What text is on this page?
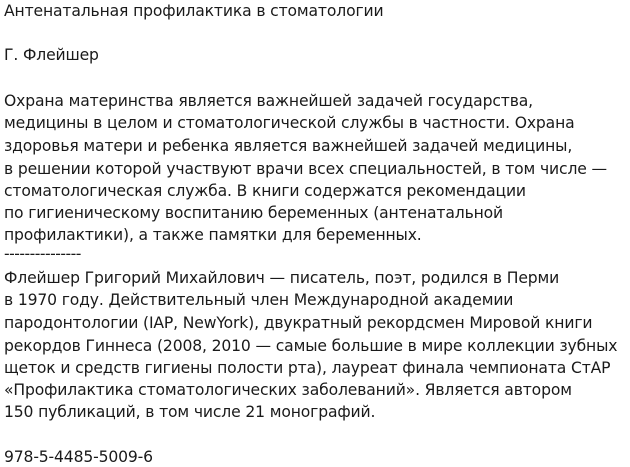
Антенатальная профилактика в стоматологии
Г. Флейшер
Охрана материнства является важнейшей задачей государства,
медицины в целом и стоматологической службы в частности. Охрана
здоровья матери и ребенка является важнейшей задачей медицины,
в решении которой участвуют врачи всех специальностей, в том числе —
стоматологическая служба. В книги содержатся рекомендации
по гигиеническому воспитанию беременных (антенатальной
профилактики), а также памятки для беременных.
---------------
Флейшер Григорий Михайлович — писатель, поэт, родился в Перми
в 1970 году. Действительный член Международной академии
пародонтологии (IAP, NewYork), двукратный рекордсмен Мировой книги
рекордов Гиннеса (2008, 2010 — самые большие в мире коллекции зубных
щеток и средств гигиены полости рта), лауреат финала чемпионата СтАР
«Профилактика стоматологических заболеваний». Является автором
150 публикаций, в том числе 21 монографий.
978-5-4485-5009-6
